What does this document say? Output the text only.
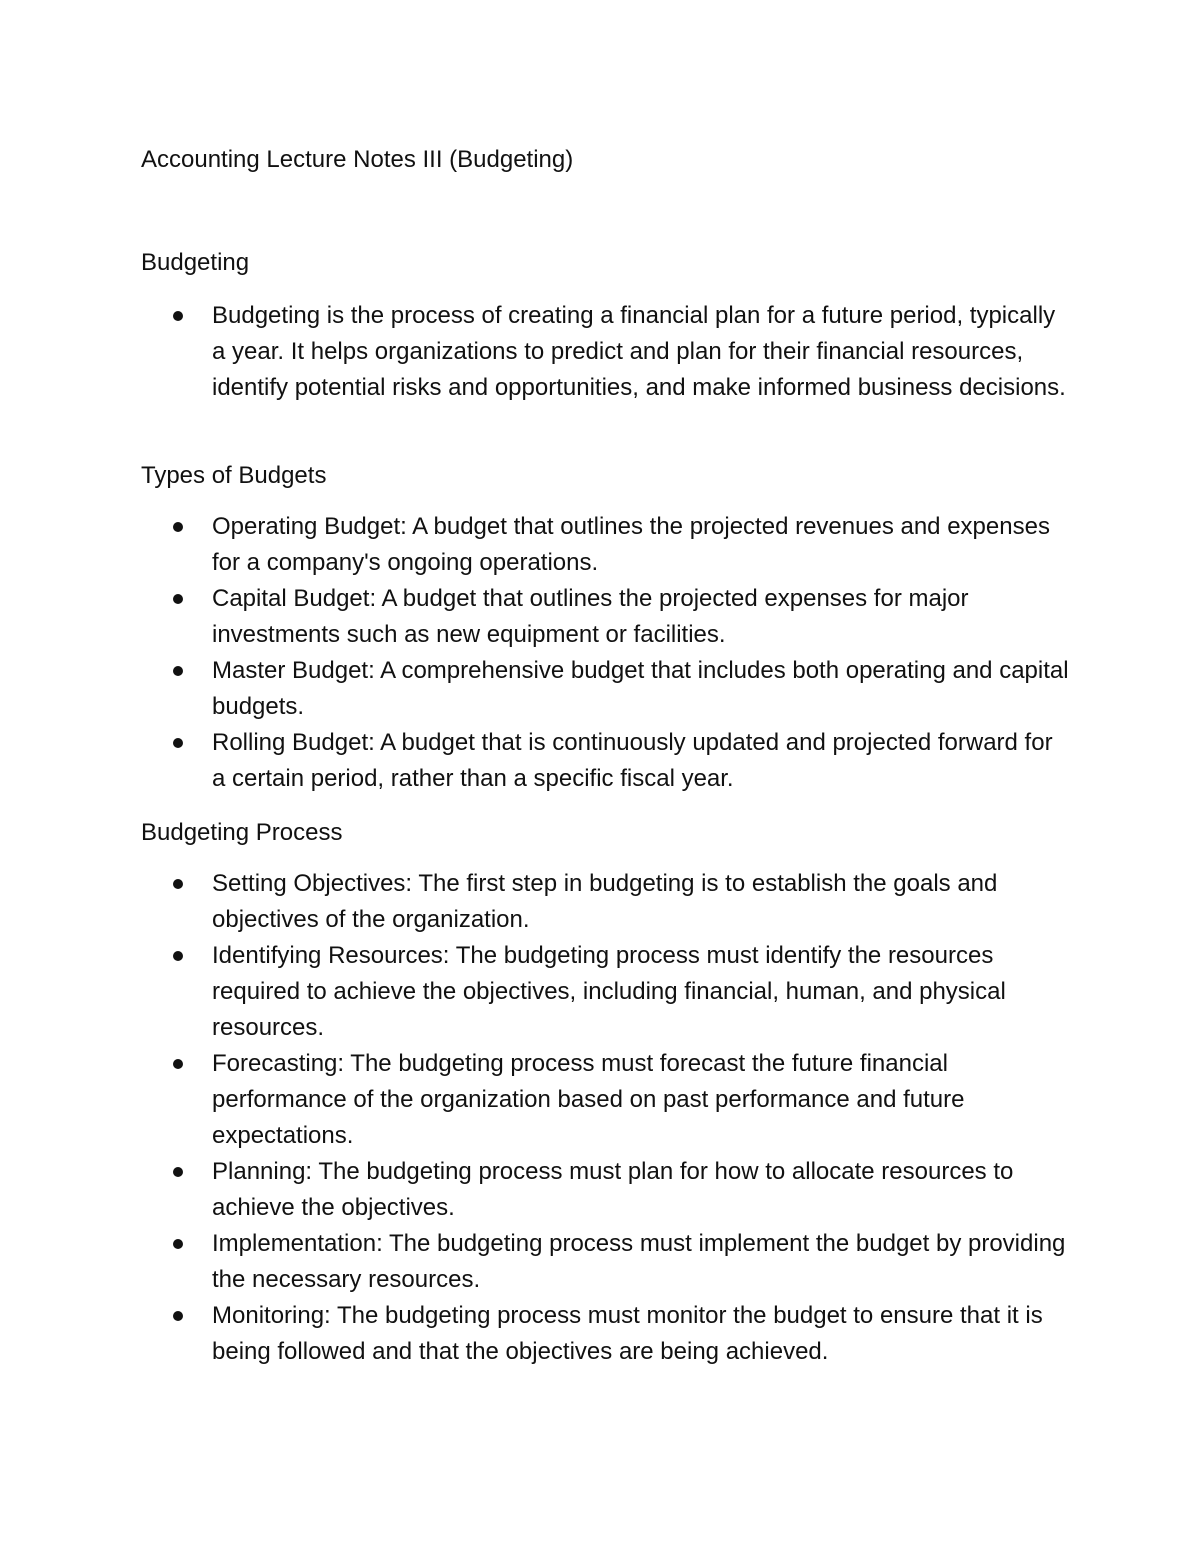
Accounting Lecture Notes III (Budgeting)
Budgeting
Budgeting is the process of creating a financial plan for a future period, typically a year. It helps organizations to predict and plan for their financial resources, identify potential risks and opportunities, and make informed business decisions.
Types of Budgets
Operating Budget: A budget that outlines the projected revenues and expenses for a company's ongoing operations.
Capital Budget: A budget that outlines the projected expenses for major investments such as new equipment or facilities.
Master Budget: A comprehensive budget that includes both operating and capital budgets.
Rolling Budget: A budget that is continuously updated and projected forward for a certain period, rather than a specific fiscal year.
Budgeting Process
Setting Objectives: The first step in budgeting is to establish the goals and objectives of the organization.
Identifying Resources: The budgeting process must identify the resources required to achieve the objectives, including financial, human, and physical resources.
Forecasting: The budgeting process must forecast the future financial performance of the organization based on past performance and future expectations.
Planning: The budgeting process must plan for how to allocate resources to achieve the objectives.
Implementation: The budgeting process must implement the budget by providing the necessary resources.
Monitoring: The budgeting process must monitor the budget to ensure that it is being followed and that the objectives are being achieved.
